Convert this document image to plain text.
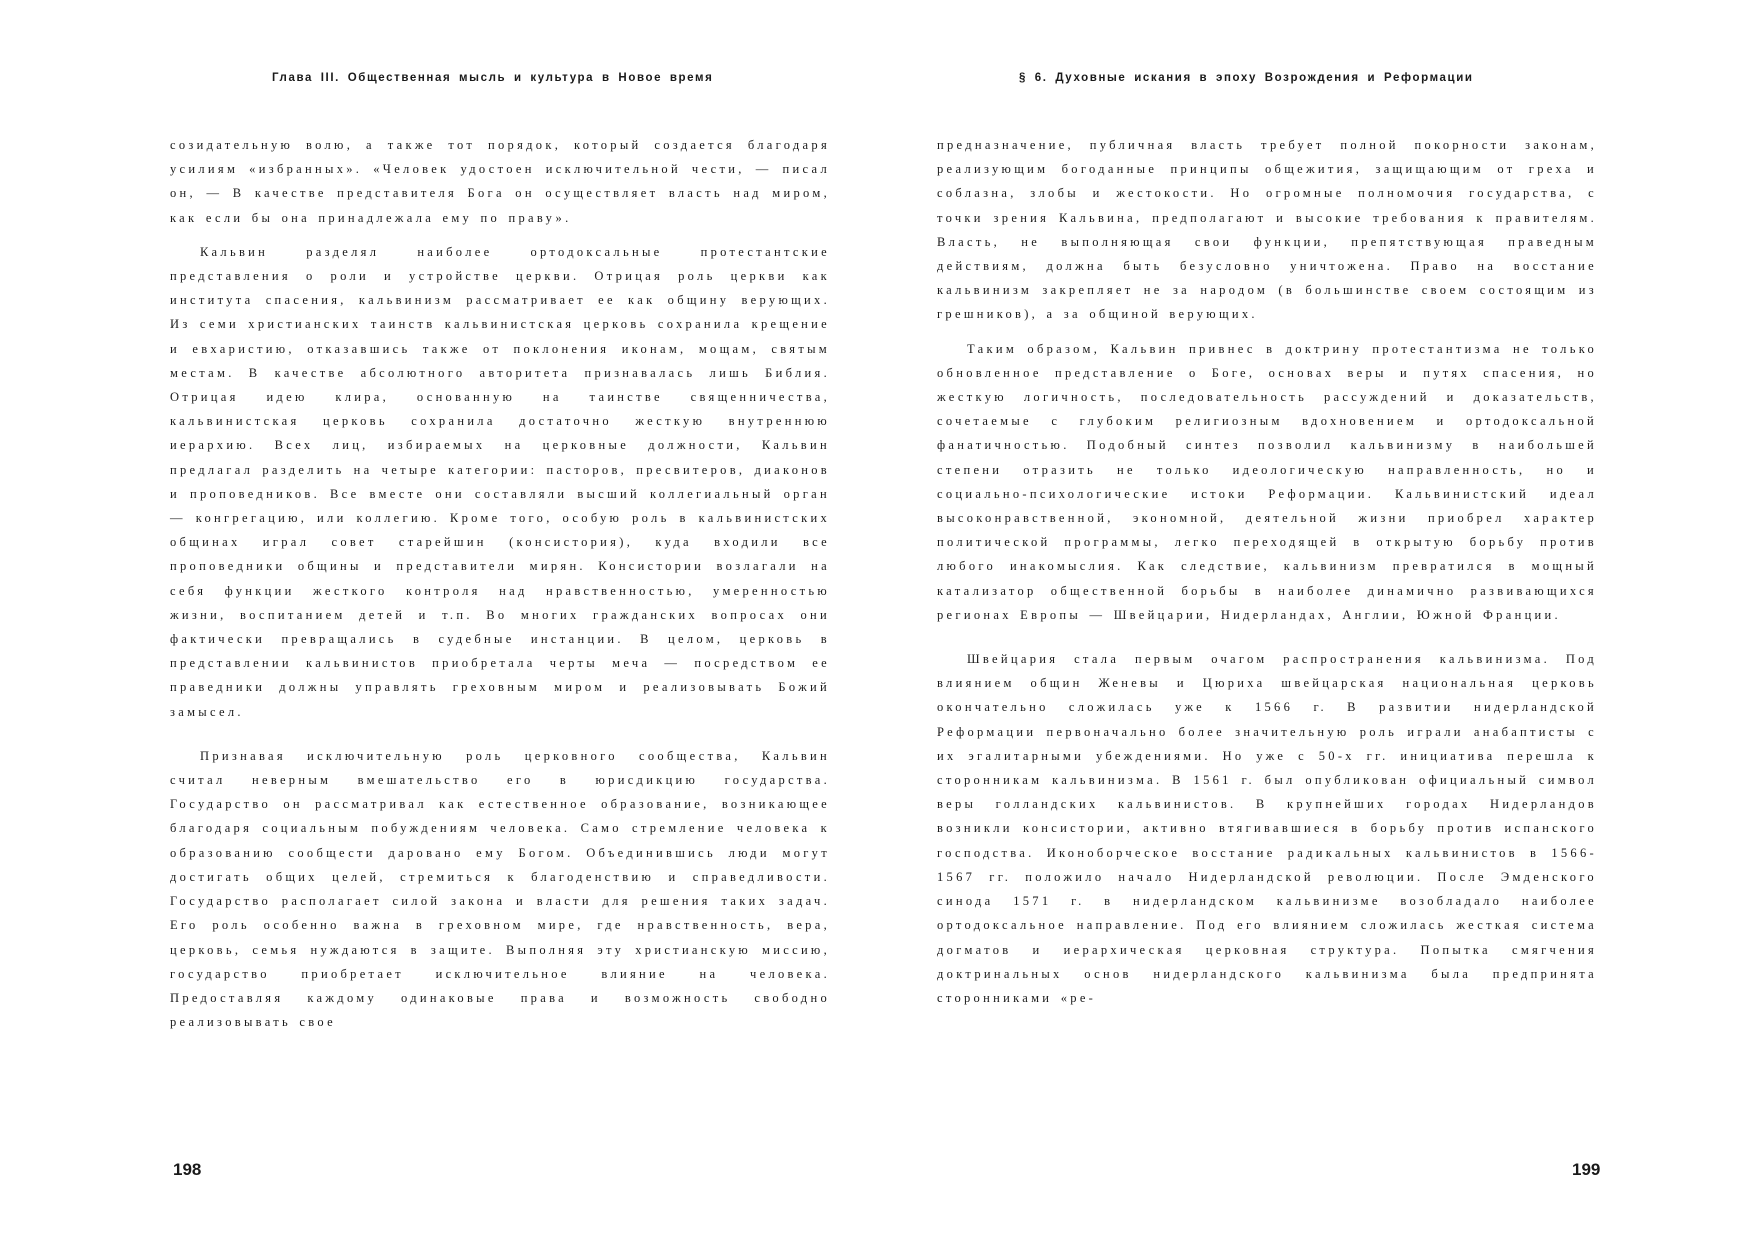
Глава III. Общественная мысль и культура в Новое время

созидательную волю, а также тот порядок, который создается благодаря усилиям «избранных». «Человек удостоен исключительной чести, — писал он, — В качестве представителя Бога он осуществляет власть над миром, как если бы она принадлежала ему по праву».

Кальвин разделял наиболее ортодоксальные протестантские представления о роли и устройстве церкви. Отрицая роль церкви как института спасения, кальвинизм рассматривает ее как общину верующих. Из семи христианских таинств кальвинистская церковь сохранила крещение и евхаристию, отказавшись также от поклонения иконам, мощам, святым местам. В качестве абсолютного авторитета признавалась лишь Библия. Отрицая идею клира, основанную на таинстве священничества, кальвинистская церковь сохранила достаточно жесткую внутреннюю иерархию. Всех лиц, избираемых на церковные должности, Кальвин предлагал разделить на четыре категории: пасторов, пресвитеров, диаконов и проповедников. Все вместе они составляли высший коллегиальный орган — конгрегацию, или коллегию. Кроме того, особую роль в кальвинистских общинах играл совет старейшин (консистория), куда входили все проповедники общины и представители мирян. Консистории возлагали на себя функции жесткого контроля над нравственностью, умеренностью жизни, воспитанием детей и т.п. Во многих гражданских вопросах они фактически превращались в судебные инстанции. В целом, церковь в представлении кальвинистов приобретала черты меча — посредством ее праведники должны управлять греховным миром и реализовывать Божий замысел.

Признавая исключительную роль церковного сообщества, Кальвин считал неверным вмешательство его в юрисдикцию государства. Государство он рассматривал как естественное образование, возникающее благодаря социальным побуждениям человека. Само стремление человека к образованию сообщести даровано ему Богом. Объединившись люди могут достигать общих целей, стремиться к благоденствию и справедливости. Государство располагает силой закона и власти для решения таких задач. Его роль особенно важна в греховном мире, где нравственность, вера, церковь, семья нуждаются в защите. Выполняя эту христианскую миссию, государство приобретает исключительное влияние на человека. Предоставляя каждому одинаковые права и возможность свободно реализовывать свое

198
§ 6. Духовные искания в эпоху Возрождения и Реформации

предназначение, публичная власть требует полной покорности законам, реализующим богоданные принципы общежития, защищающим от греха и соблазна, злобы и жестокости. Но огромные полномочия государства, с точки зрения Кальвина, предполагают и высокие требования к правителям. Власть, не выполняющая свои функции, препятствующая праведным действиям, должна быть безусловно уничтожена. Право на восстание кальвинизм закрепляет не за народом (в большинстве своем состоящим из грешников), а за общиной верующих.

Таким образом, Кальвин привнес в доктрину протестантизма не только обновленное представление о Боге, основах веры и путях спасения, но жесткую логичность, последовательность рассуждений и доказательств, сочетаемые с глубоким религиозным вдохновением и ортодоксальной фанатичностью. Подобный синтез позволил кальвинизму в наибольшей степени отразить не только идеологическую направленность, но и социально-психологические истоки Реформации. Кальвинистский идеал высоконравственной, экономной, деятельной жизни приобрел характер политической программы, легко переходящей в открытую борьбу против любого инакомыслия. Как следствие, кальвинизм превратился в мощный катализатор общественной борьбы в наиболее динамично развивающихся регионах Европы — Швейцарии, Нидерландах, Англии, Южной Франции.

Швейцария стала первым очагом распространения кальвинизма. Под влиянием общин Женевы и Цюриха швейцарская национальная церковь окончательно сложилась уже к 1566 г. В развитии нидерландской Реформации первоначально более значительную роль играли анабаптисты с их эгалитарными убеждениями. Но уже с 50-х гг. инициатива перешла к сторонникам кальвинизма. В 1561 г. был опубликован официальный символ веры голландских кальвинистов. В крупнейших городах Нидерландов возникли консистории, активно втягивавшиеся в борьбу против испанского господства. Иконоборческое восстание радикальных кальвинистов в 1566-1567 гг. положило начало Нидерландской революции. После Эмденского синода 1571 г. в нидерландском кальвинизме возобладало наиболее ортодоксальное направление. Под его влиянием сложилась жесткая система догматов и иерархическая церковная структура. Попытка смягчения доктринальных основ нидерландского кальвинизма была предпринята сторонниками «ре-

199
